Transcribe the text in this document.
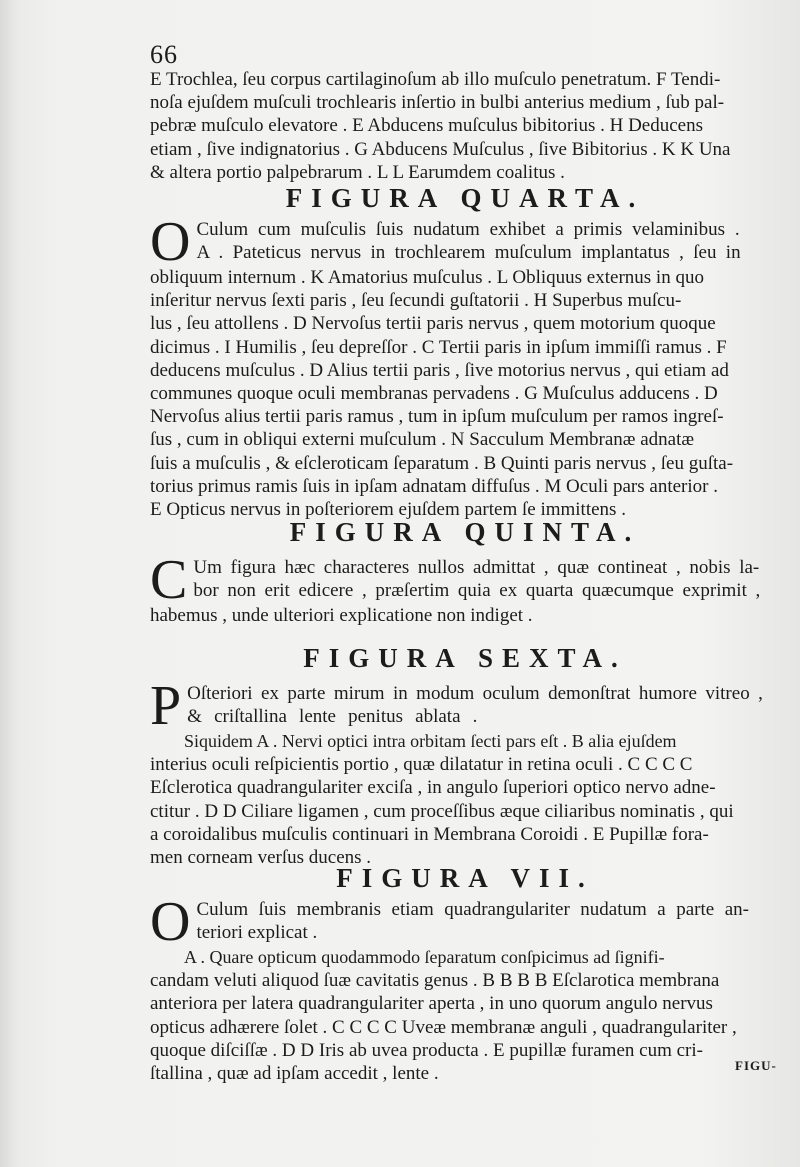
66
E Trochlea, ſeu corpus cartilaginoſum ab illo muſculo penetratum. F Tendi-
noſa ejuſdem muſculi trochlearis inſertio in bulbi anterius medium , ſub pal-
pebræ muſculo elevatore . E Abducens muſculus bibitorius . H Deducens
etiam , ſive indignatorius . G Abducens Muſculus , ſive Bibitorius . K K Una
& altera portio palpebrarum . L L Earumdem coalitus .
FIGURA QUARTA.
O Culum cum muſculis ſuis nudatum exhibet a primis velaminibus .
A . Pateticus nervus in trochlearem muſculum implantatus , ſeu in
obliquum internum . K Amatorius muſculus . L Obliquus externus in quo
inſeritur nervus ſexti paris , ſeu ſecundi guſtatorii . H Superbus muſcu-
lus , ſeu attollens . D Nervoſus tertii paris nervus , quem motorium quoque
dicimus . I Humilis , ſeu depreſſor . C Tertii paris in ipſum immiſſi ramus . F
deducens muſculus . D Alius tertii paris , ſive motorius nervus , qui etiam ad
communes quoque oculi membranas pervadens . G Muſculus adducens . D
Nervoſus alius tertii paris ramus , tum in ipſum muſculum per ramos ingreſ-
ſus , cum in obliqui externi muſculum . N Sacculum Membranæ adnatæ
ſuis a muſculis , & eſcleroticam ſeparatum . B Quinti paris nervus , ſeu guſta-
torius primus ramis ſuis in ipſam adnatam diffuſus . M Oculi pars anterior .
E Opticus nervus in poſteriorem ejuſdem partem ſe immittens .
FIGURA QUINTA.
C Um figura hæc characteres nullos admittat , quæ contineat , nobis la-
bor non erit edicere , præſertim quia ex quarta quæcumque exprimit ,
habemus , unde ulteriori explicatione non indiget .
FIGURA SEXTA.
P Oſteriori ex parte mirum in modum oculum demonſtrat humore vitreo ,
& criſtallina lente penitus ablata .
Siquidem A . Nervi optici intra orbitam ſecti pars eſt . B alia ejuſdem
interius oculi reſpicientis portio , quæ dilatatur in retina oculi . C C C C
Eſclerotica quadrangulariter exciſa , in angulo ſuperiori optico nervo adne-
ctitur . D D Ciliare ligamen , cum proceſſibus æque ciliaribus nominatis , qui
a coroidalibus muſculis continuari in Membrana Coroidi . E Pupillæ fora-
men corneam verſus ducens .
FIGURA VII.
O Culum ſuis membranis etiam quadrangulariter nudatum a parte an-
teriori explicat .
A . Quare opticum quodammodo ſeparatum conſpicimus ad ſignifi-
candam veluti aliquod ſuæ cavitatis genus . B B B B Eſclarotica membrana
anteriora per latera quadrangulariter aperta , in uno quorum angulo nervus
opticus adhærere ſolet . C C C C Uveæ membranæ anguli , quadrangulariter ,
quoque diſciſſæ . D D Iris ab uvea producta . E pupillæ furamen cum cri-
ſtallina , quæ ad ipſam accedit , lente .	FIGU-
